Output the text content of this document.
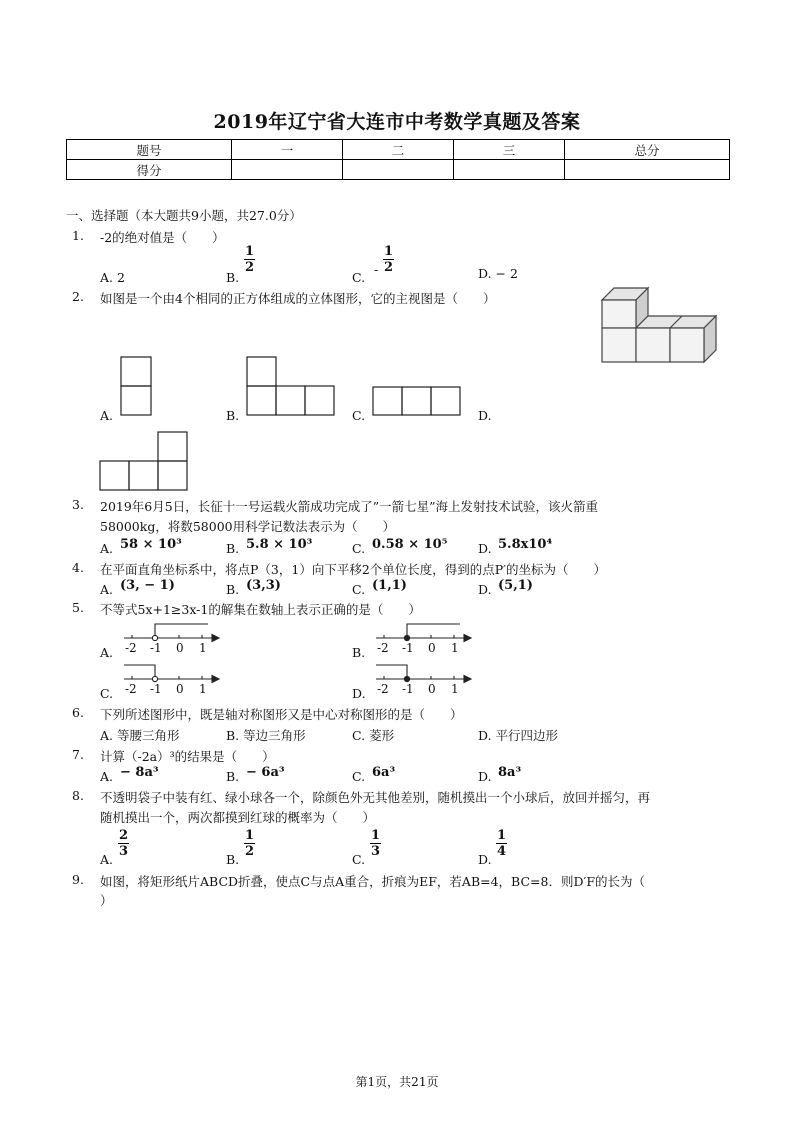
2019年辽宁省大连市中考数学真题及答案
题号	一	二	三	总分
得分				
一、选择题（本大题共9小题，共27.0分）
1. -2的绝对值是（　　）
A. 2	B.
$\frac{1}{2}$
C.
- $\frac{1}{2}$	D. − 2
2. 如图是一个由4个相同的正方体组成的立体图形，它的主视图是（　　）
A.	B.	C.	D.
3. 2019年6月5日，长征十一号运载火箭成功完成了”一箭七星”海上发射技术试验，该火箭重
58000kg，将数58000用科学记数法表示为（　　）
A. 58 × 10³	B. 5.8 × 10³	C. 0.58 × 10⁵ D. 5.8x10⁴
4. 在平面直角坐标系中，将点P（3，1）向下平移2个单位长度，得到的点P′的坐标为（　　）
A. (3, − 1)	B. (3,3)	C. (1,1)	D. (5,1)
5. 不等式5x+1≥3x-1的解集在数轴上表示正确的是（　　）
A.	B.
C.	D.
-2 -1 0 1	-2 -1 0 1
-2 -1 0 1	-2 -1 0 1
6. 下列所述图形中，既是轴对称图形又是中心对称图形的是（　　）
A. 等腰三角形	B. 等边三角形	C. 菱形	D. 平行四边形
7. 计算（-2a）³的结果是（　　）
A. − 8a³	B. − 6a³	C. 6a³	D. 8a³
8. 不透明袋子中装有红、绿小球各一个，除颜色外无其他差别，随机摸出一个小球后，放回并摇匀，再
随机摸出一个，两次都摸到红球的概率为（　　）
A.
$\frac{2}{3}$
B.
$\frac{1}{2}$
C.
$\frac{1}{3}$
D.
$\frac{1}{4}$
9. 如图，将矩形纸片ABCD折叠，使点C与点A重合，折痕为EF，若AB=4，BC=8．则D′F的长为（
）
第1页，共21页
